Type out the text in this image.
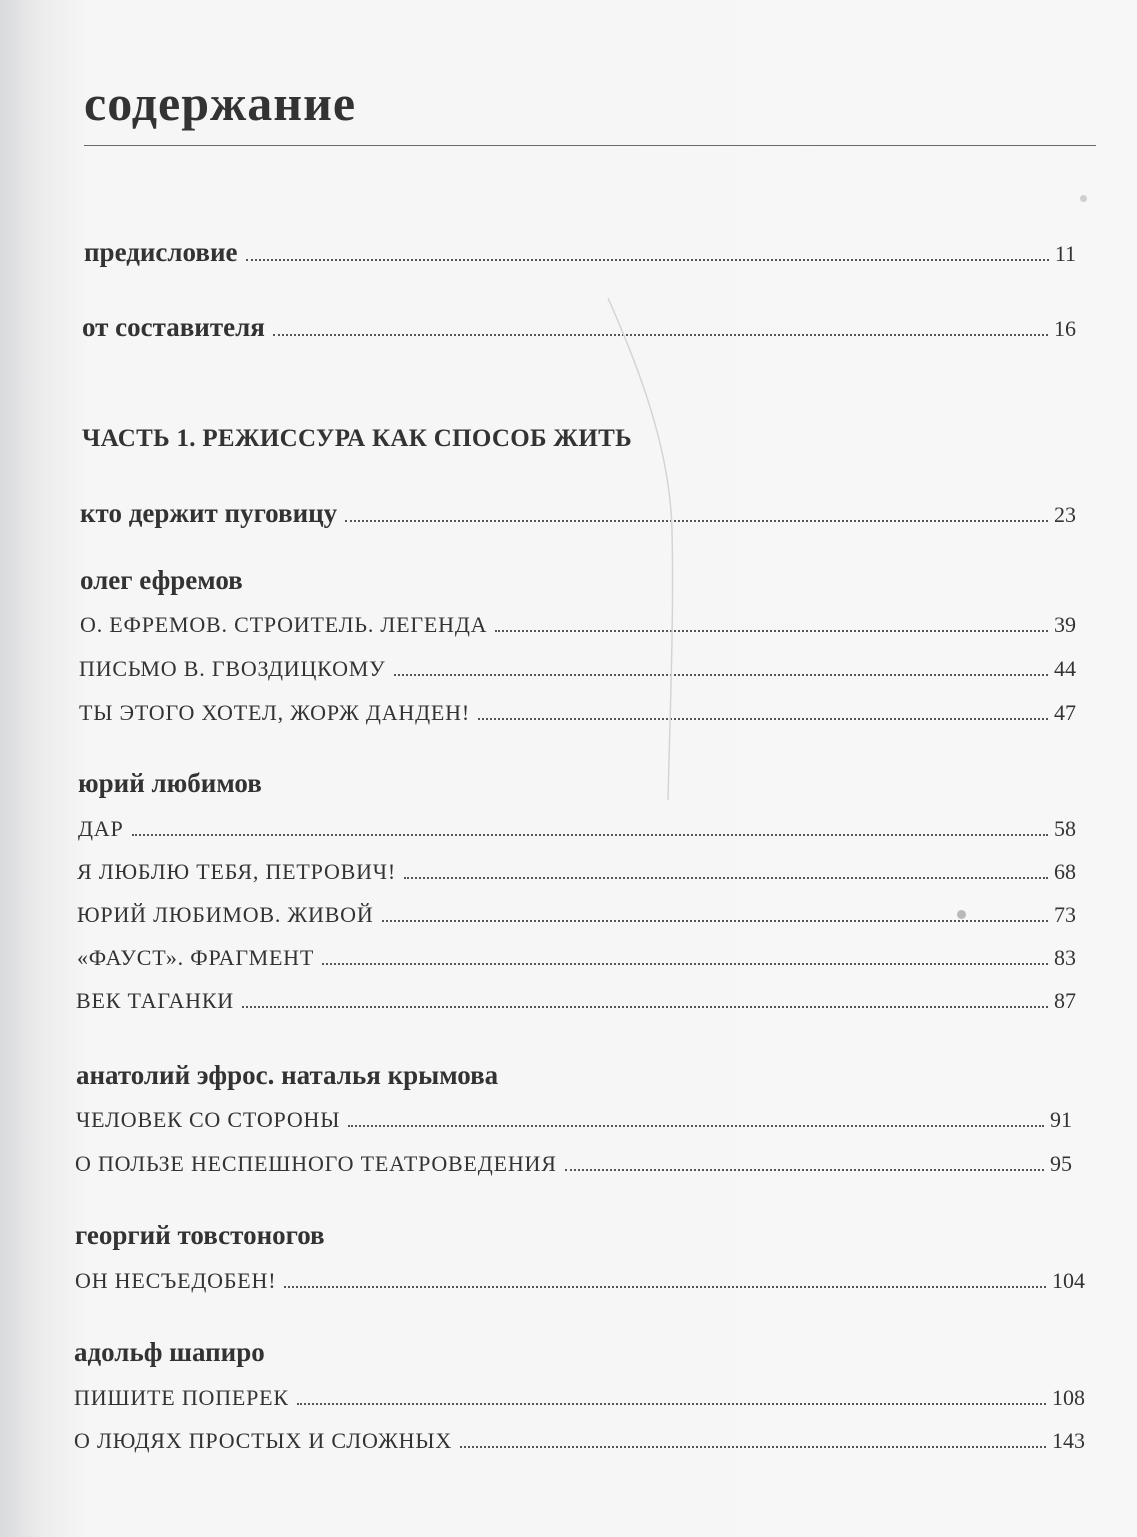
содержание
предисловие	11
от составителя	16
ЧАСТЬ 1. РЕЖИССУРА КАК СПОСОБ ЖИТЬ
кто держит пуговицу	23
олег ефремов
О. ЕФРЕМОВ. СТРОИТЕЛЬ. ЛЕГЕНДА	39
ПИСЬМО В. ГВОЗДИЦКОМУ	44
ТЫ ЭТОГО ХОТЕЛ, ЖОРЖ ДАНДЕН!	47
юрий любимов
ДАР	58
Я ЛЮБЛЮ ТЕБЯ, ПЕТРОВИЧ!	68
ЮРИЙ ЛЮБИМОВ. ЖИВОЙ	73
«ФАУСТ». ФРАГМЕНТ	83
ВЕК ТАГАНКИ	87
анатолий эфрос. наталья крымова
ЧЕЛОВЕК СО СТОРОНЫ	91
О ПОЛЬЗЕ НЕСПЕШНОГО ТЕАТРОВЕДЕНИЯ	95
георгий товстоногов
ОН НЕСЪЕДОБЕН!	104
адольф шапиро
ПИШИТЕ ПОПЕРЕК	108
О ЛЮДЯХ ПРОСТЫХ И СЛОЖНЫХ	143
